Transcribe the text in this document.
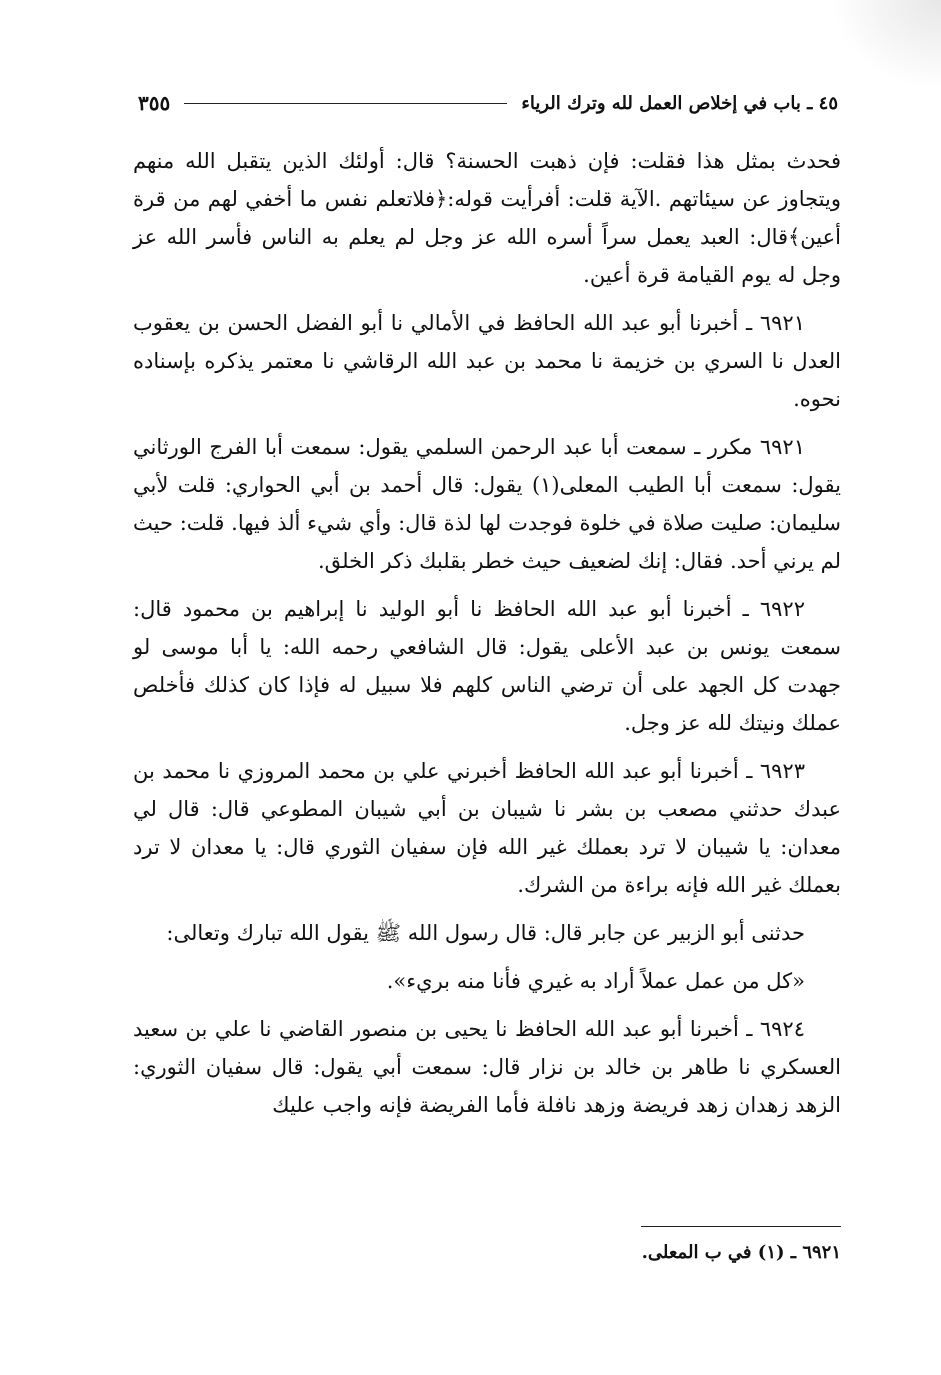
٤٥ ـ باب في إخلاص العمل لله وترك الرياء
٣٥٥

فحدث بمثل هذا فقلت: فإن ذهبت الحسنة؟ قال: أولئك الذين يتقبل الله منهم ويتجاوز عن سيئاتهم .الآية قلت: أفرأيت قوله:﴿فلاتعلم نفس ما أخفي لهم من قرة أعين﴾قال: العبد يعمل سراً أسره الله عز وجل لم يعلم به الناس فأسر الله عز وجل له يوم القيامة قرة أعين.

٦٩٢١ ـ أخبرنا أبو عبد الله الحافظ في الأمالي نا أبو الفضل الحسن بن يعقوب العدل نا السري بن خزيمة نا محمد بن عبد الله الرقاشي نا معتمر يذكره بإسناده نحوه.

٦٩٢١ مكرر ـ سمعت أبا عبد الرحمن السلمي يقول: سمعت أبا الفرج الورثاني يقول: سمعت أبا الطيب المعلى(١) يقول: قال أحمد بن أبي الحواري: قلت لأبي سليمان: صليت صلاة في خلوة فوجدت لها لذة قال: وأي شيء ألذ فيها. قلت: حيث لم يرني أحد. فقال: إنك لضعيف حيث خطر بقلبك ذكر الخلق.

٦٩٢٢ ـ أخبرنا أبو عبد الله الحافظ نا أبو الوليد نا إبراهيم بن محمود قال: سمعت يونس بن عبد الأعلى يقول: قال الشافعي رحمه الله: يا أبا موسى لو جهدت كل الجهد على أن ترضي الناس كلهم فلا سبيل له فإذا كان كذلك فأخلص عملك ونيتك لله عز وجل.

٦٩٢٣ ـ أخبرنا أبو عبد الله الحافظ أخبرني علي بن محمد المروزي نا محمد بن عبدك حدثني مصعب بن بشر نا شيبان بن أبي شيبان المطوعي قال: قال لي معدان: يا شيبان لا ترد بعملك غير الله فإن سفيان الثوري قال: يا معدان لا ترد بعملك غير الله فإنه براءة من الشرك.

حدثنى أبو الزبير عن جابر قال: قال رسول الله ﷺ يقول الله تبارك وتعالى:

«كل من عمل عملاً أراد به غيري فأنا منه بريء».

٦٩٢٤ ـ أخبرنا أبو عبد الله الحافظ نا يحيى بن منصور القاضي نا علي بن سعيد العسكري نا طاهر بن خالد بن نزار قال: سمعت أبي يقول: قال سفيان الثوري: الزهد زهدان زهد فريضة وزهد نافلة فأما الفريضة فإنه واجب عليك

٦٩٢١ ـ (١) في ب المعلى.
